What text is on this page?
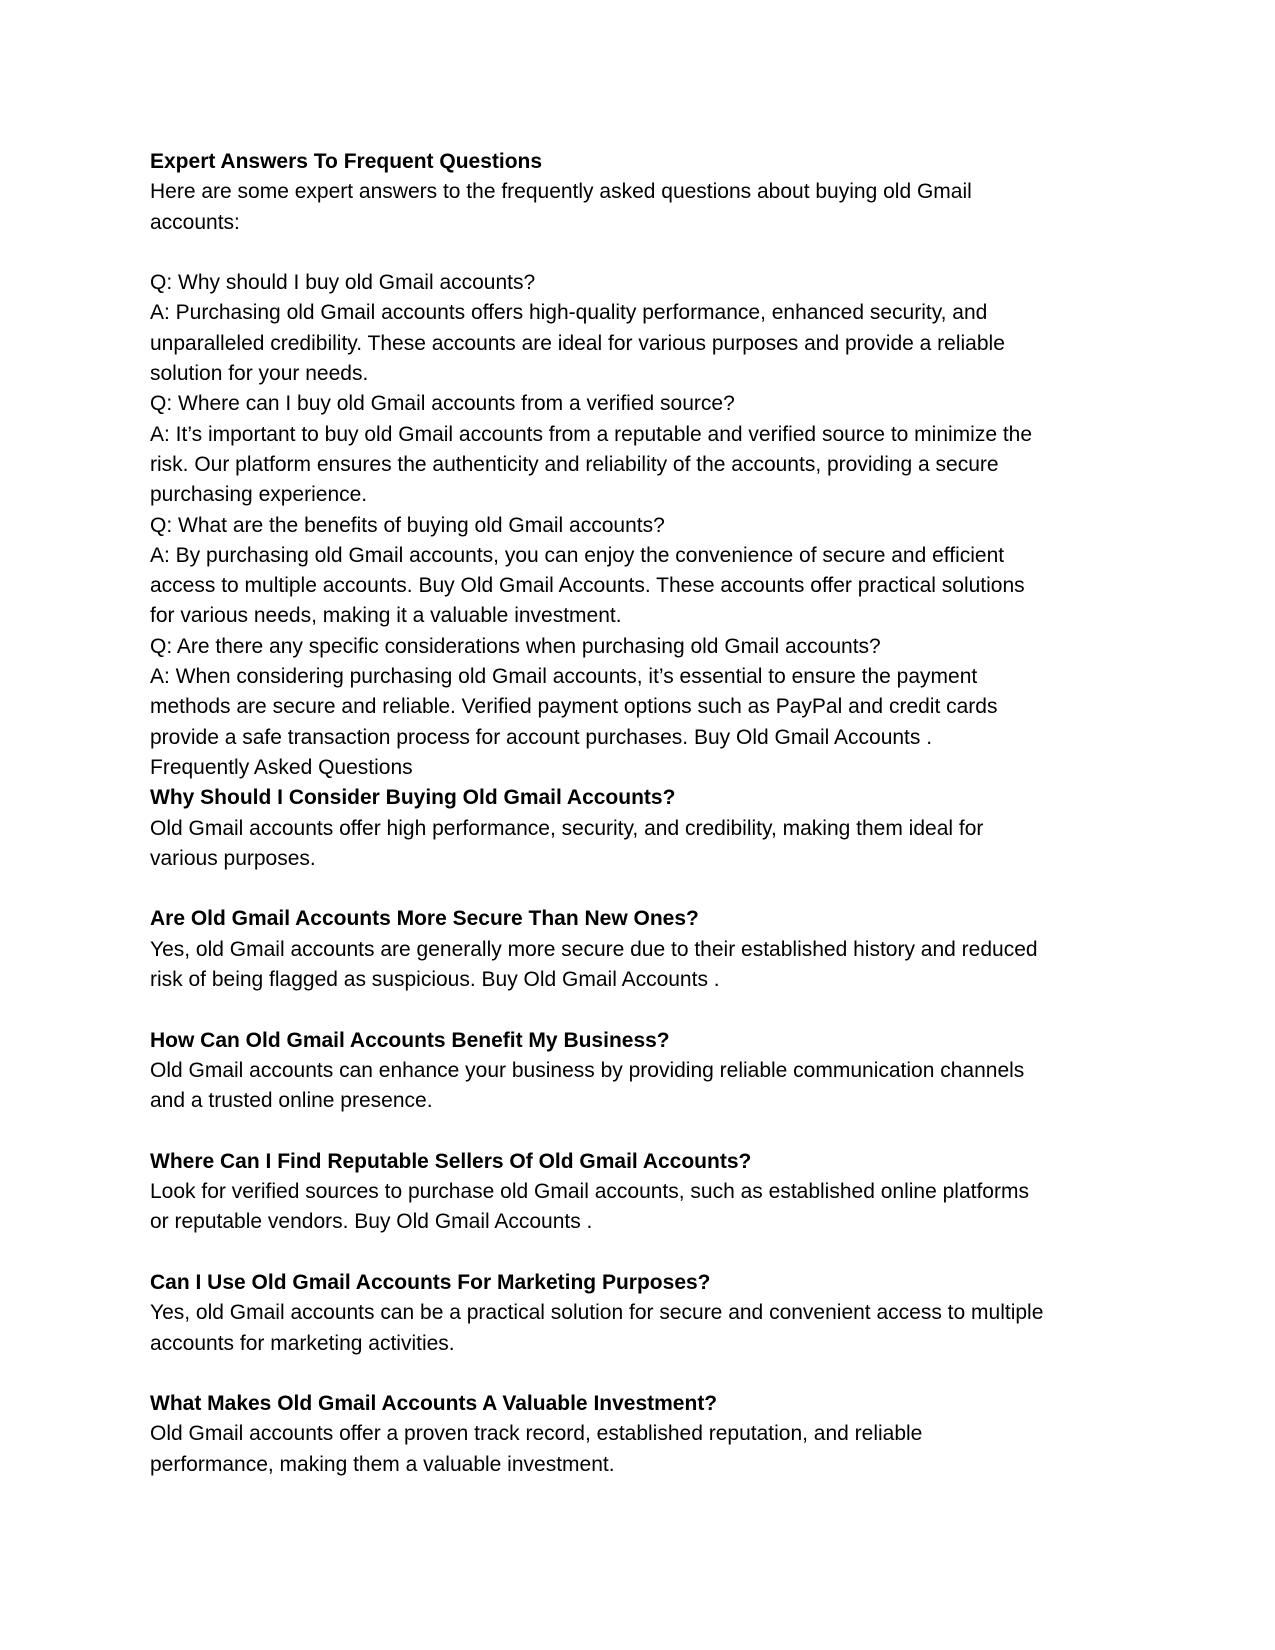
Expert Answers To Frequent Questions
Here are some expert answers to the frequently asked questions about buying old Gmail
accounts:
Q: Why should I buy old Gmail accounts?
A: Purchasing old Gmail accounts offers high-quality performance, enhanced security, and
unparalleled credibility. These accounts are ideal for various purposes and provide a reliable
solution for your needs.
Q: Where can I buy old Gmail accounts from a verified source?
A: It’s important to buy old Gmail accounts from a reputable and verified source to minimize the
risk. Our platform ensures the authenticity and reliability of the accounts, providing a secure
purchasing experience.
Q: What are the benefits of buying old Gmail accounts?
A: By purchasing old Gmail accounts, you can enjoy the convenience of secure and efficient
access to multiple accounts. Buy Old Gmail Accounts. These accounts offer practical solutions
for various needs, making it a valuable investment.
Q: Are there any specific considerations when purchasing old Gmail accounts?
A: When considering purchasing old Gmail accounts, it’s essential to ensure the payment
methods are secure and reliable. Verified payment options such as PayPal and credit cards
provide a safe transaction process for account purchases. Buy Old Gmail Accounts .
Frequently Asked Questions
Why Should I Consider Buying Old Gmail Accounts?
Old Gmail accounts offer high performance, security, and credibility, making them ideal for
various purposes.
Are Old Gmail Accounts More Secure Than New Ones?
Yes, old Gmail accounts are generally more secure due to their established history and reduced
risk of being flagged as suspicious. Buy Old Gmail Accounts .
How Can Old Gmail Accounts Benefit My Business?
Old Gmail accounts can enhance your business by providing reliable communication channels
and a trusted online presence.
Where Can I Find Reputable Sellers Of Old Gmail Accounts?
Look for verified sources to purchase old Gmail accounts, such as established online platforms
or reputable vendors. Buy Old Gmail Accounts .
Can I Use Old Gmail Accounts For Marketing Purposes?
Yes, old Gmail accounts can be a practical solution for secure and convenient access to multiple
accounts for marketing activities.
What Makes Old Gmail Accounts A Valuable Investment?
Old Gmail accounts offer a proven track record, established reputation, and reliable
performance, making them a valuable investment.
